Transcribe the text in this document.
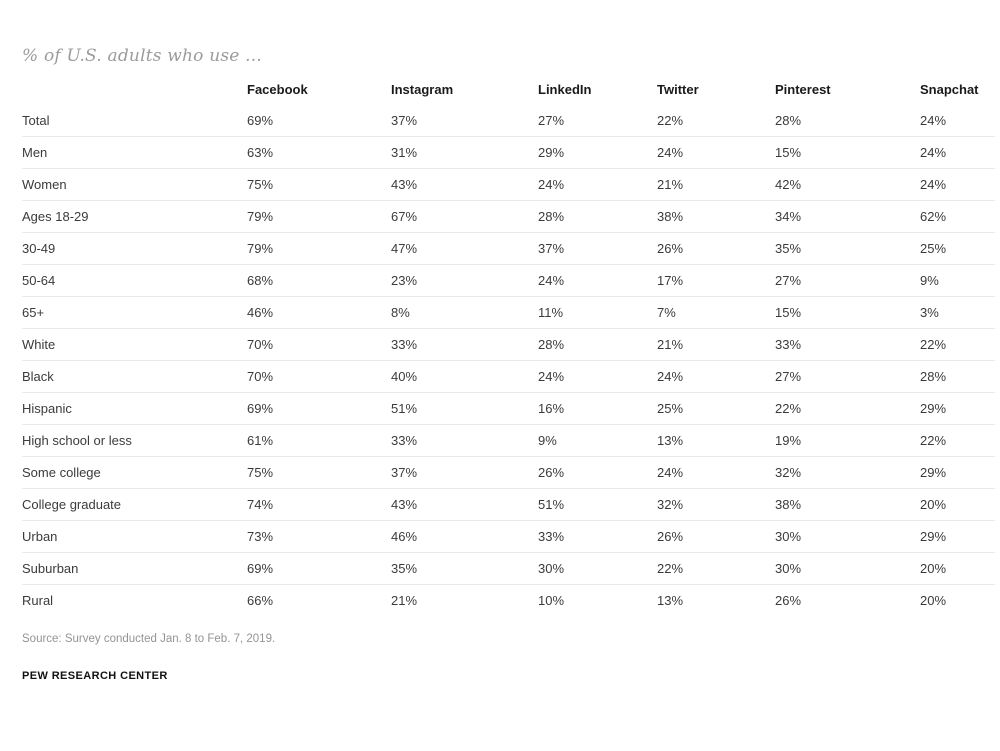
% of U.S. adults who use ...
	Facebook	Instagram	LinkedIn	Twitter	Pinterest	Snapchat
Total	69%	37%	27%	22%	28%	24%
Men	63%	31%	29%	24%	15%	24%
Women	75%	43%	24%	21%	42%	24%
Ages 18-29	79%	67%	28%	38%	34%	62%
30-49	79%	47%	37%	26%	35%	25%
50-64	68%	23%	24%	17%	27%	9%
65+	46%	8%	11%	7%	15%	3%
White	70%	33%	28%	21%	33%	22%
Black	70%	40%	24%	24%	27%	28%
Hispanic	69%	51%	16%	25%	22%	29%
High school or less	61%	33%	9%	13%	19%	22%
Some college	75%	37%	26%	24%	32%	29%
College graduate	74%	43%	51%	32%	38%	20%
Urban	73%	46%	33%	26%	30%	29%
Suburban	69%	35%	30%	22%	30%	20%
Rural	66%	21%	10%	13%	26%	20%
Source: Survey conducted Jan. 8 to Feb. 7, 2019.
PEW RESEARCH CENTER
